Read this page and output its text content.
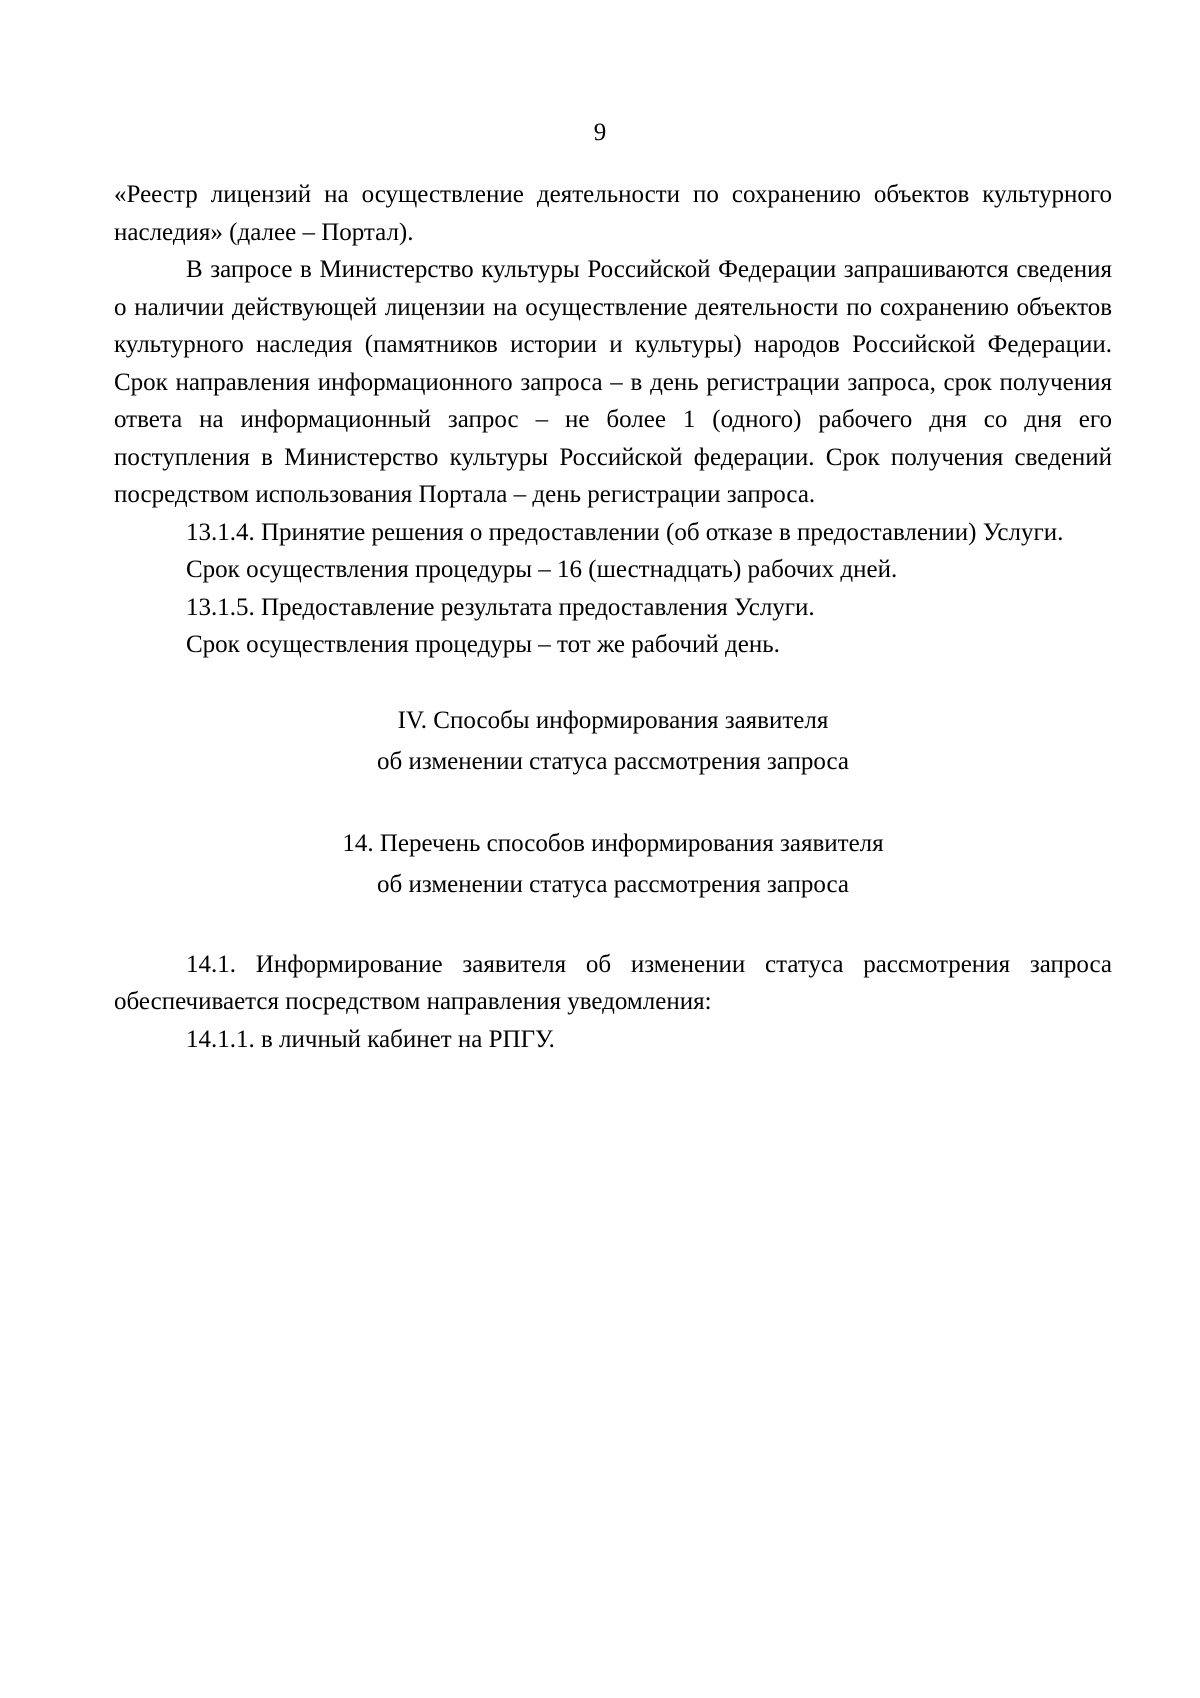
9

«Реестр лицензий на осуществление деятельности по сохранению объектов культурного наследия» (далее – Портал).

В запросе в Министерство культуры Российской Федерации запрашиваются сведения о наличии действующей лицензии на осуществление деятельности по сохранению объектов культурного наследия (памятников истории и культуры) народов Российской Федерации. Срок направления информационного запроса – в день регистрации запроса, срок получения ответа на информационный запрос – не более 1 (одного) рабочего дня со дня его поступления в Министерство культуры Российской федерации. Срок получения сведений посредством использования Портала – день регистрации запроса.

13.1.4. Принятие решения о предоставлении (об отказе в предоставлении) Услуги.

Срок осуществления процедуры – 16 (шестнадцать) рабочих дней.

13.1.5. Предоставление результата предоставления Услуги.

Срок осуществления процедуры – тот же рабочий день.

IV. Способы информирования заявителя

об изменении статуса рассмотрения запроса

14. Перечень способов информирования заявителя

об изменении статуса рассмотрения запроса

14.1. Информирование заявителя об изменении статуса рассмотрения запроса обеспечивается посредством направления уведомления:

14.1.1. в личный кабинет на РПГУ.
